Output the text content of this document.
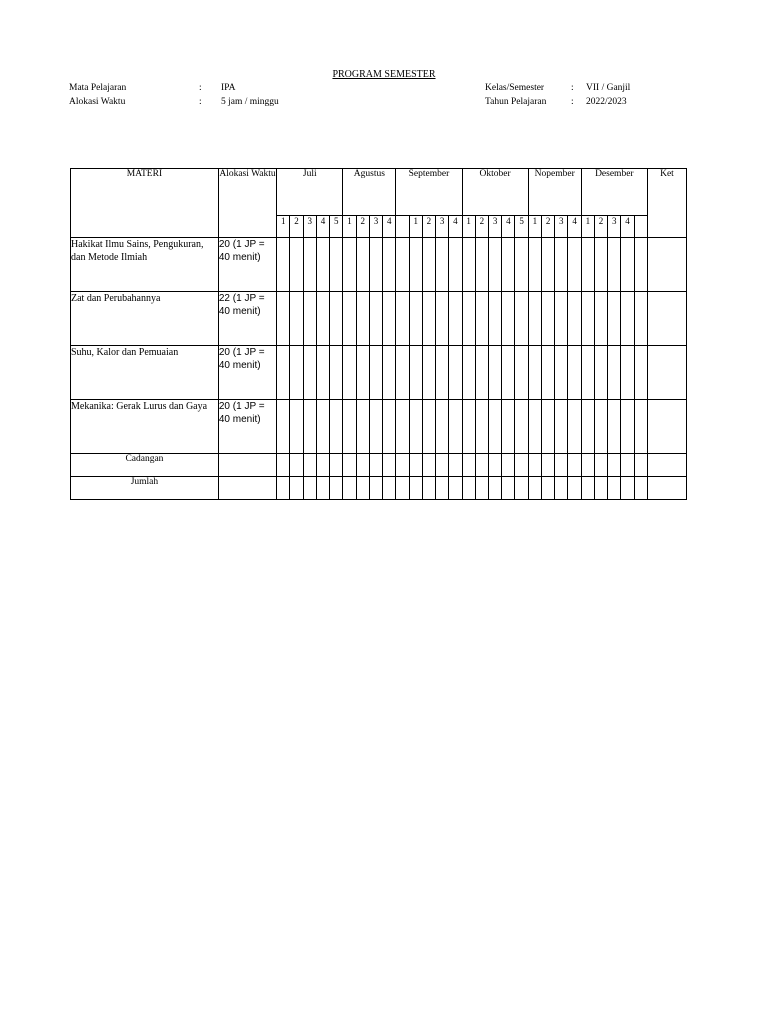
PROGRAM SEMESTER
Mata Pelajaran	:	IPA
Alokasi Waktu	:	5 jam / minggu
Kelas/Semester	:	VII / Ganjil
Tahun Pelajaran	:	2022/2023
MATERI	Alokasi Waktu	Juli					Agustus				September					Oktober					Nopember				Desember					Ket
		1	2	3	4	5	1	2	3	4		1	2	3	4	1	2	3	4	5	1	2	3	4	1	2	3	4		
Hakikat Ilmu Sains, Pengukuran, dan Metode Ilmiah	20 (1 JP = 40 menit)																													
Zat dan Perubahannya	22 (1 JP = 40 menit)																													
Suhu, Kalor dan Pemuaian	20 (1 JP = 40 menit)																													
Mekanika: Gerak Lurus dan Gaya	20 (1 JP = 40 menit)																													
Cadangan																														
Jumlah																														
